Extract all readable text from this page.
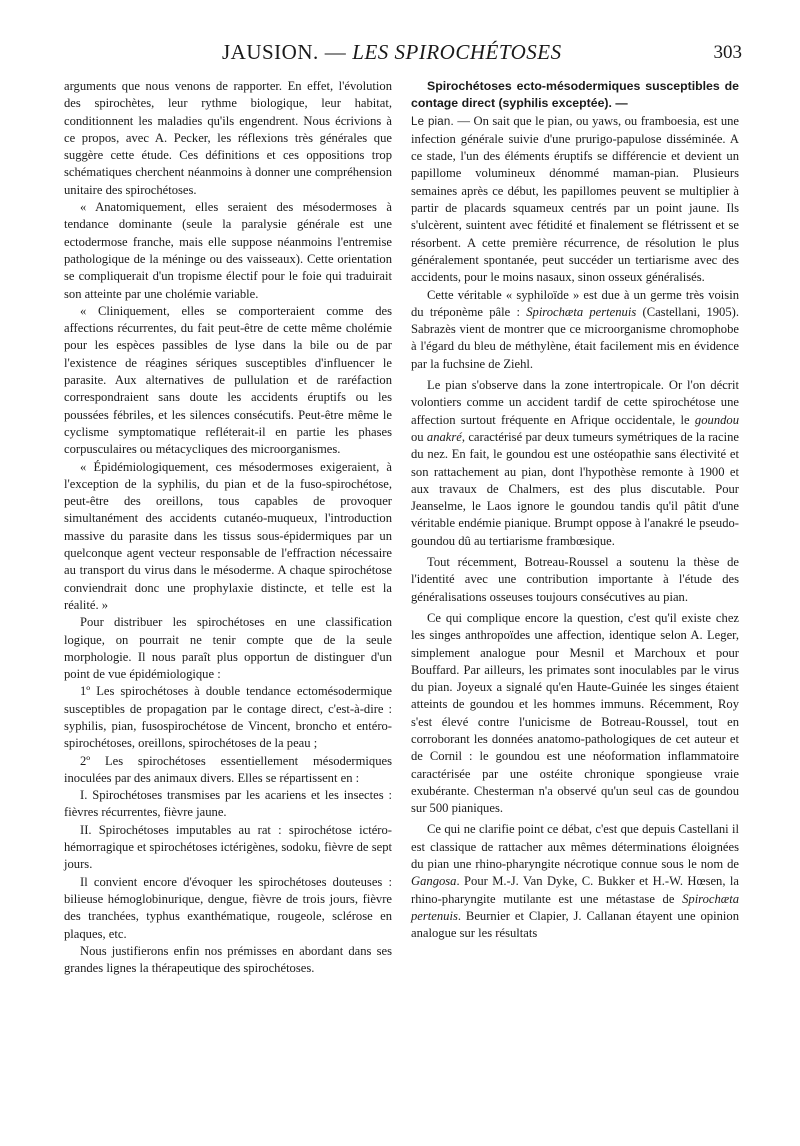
JAUSION. — LES SPIROCHÉTOSES	303

arguments que nous venons de rapporter. En effet, l'évolution des spirochètes, leur rythme biologique, leur habitat, conditionnent les maladies qu'ils engendrent. Nous écrivions à ce propos, avec A. Pecker, les réflexions très générales que suggère cette étude. Ces définitions et ces oppositions trop schématiques cherchent néanmoins à donner une compréhension unitaire des spirochétoses.

« Anatomiquement, elles seraient des mésodermoses à tendance dominante (seule la paralysie générale est une ectodermose franche, mais elle suppose néanmoins l'entremise pathologique de la méninge ou des vaisseaux). Cette orientation se compliquerait d'un tropisme électif pour le foie qui traduirait son atteinte par une cholémie variable.

« Cliniquement, elles se comporteraient comme des affections récurrentes, du fait peut-être de cette même cholémie pour les espèces passibles de lyse dans la bile ou de par l'existence de réagines sériques susceptibles d'influencer le parasite. Aux alternatives de pullulation et de raréfaction correspondraient sans doute les accidents éruptifs ou les poussées fébriles, et les silences consécutifs. Peut-être même le cyclisme symptomatique refléterait-il en partie les phases corpusculaires ou métacycliques des microorganismes.

« Épidémiologiquement, ces mésodermoses exigeraient, à l'exception de la syphilis, du pian et de la fuso-spirochétose, peut-être des oreillons, tous capables de provoquer simultanément des accidents cutanéo-muqueux, l'introduction massive du parasite dans les tissus sous-épidermiques par un quelconque agent vecteur responsable de l'effraction nécessaire au transport du virus dans le mésoderme. A chaque spirochétose conviendrait donc une prophylaxie distincte, et telle est la réalité. »

Pour distribuer les spirochétoses en une classification logique, on pourrait ne tenir compte que de la seule morphologie. Il nous paraît plus opportun de distinguer d'un point de vue épidémiologique :

1º Les spirochétoses à double tendance ectomésodermique susceptibles de propagation par le contage direct, c'est-à-dire : syphilis, pian, fusospirochétose de Vincent, broncho et entéro-spirochétoses, oreillons, spirochétoses de la peau ;

2º Les spirochétoses essentiellement mésodermiques inoculées par des animaux divers. Elles se répartissent en :

I. Spirochétoses transmises par les acariens et les insectes : fièvres récurrentes, fièvre jaune.

II. Spirochétoses imputables au rat : spirochétose ictéro-hémorragique et spirochétoses ictérigènes, sodoku, fièvre de sept jours.

Il convient encore d'évoquer les spirochétoses douteuses : bilieuse hémoglobinurique, dengue, fièvre de trois jours, fièvre des tranchées, typhus exanthématique, rougeole, sclérose en plaques, etc.

Nous justifierons enfin nos prémisses en abordant dans ses grandes lignes la thérapeutique des spirochétoses.

Spirochétoses ecto-mésodermiques susceptibles de contage direct (syphilis exceptée). —
Le pian. — On sait que le pian, ou yaws, ou framboesia, est une infection générale suivie d'une prurigo-papulose disséminée. A ce stade, l'un des éléments éruptifs se différencie et devient un papillome volumineux dénommé maman-pian. Plusieurs semaines après ce début, les papillomes peuvent se multiplier à partir de placards squameux centrés par un point jaune. Ils s'ulcèrent, suintent avec fétidité et finalement se flétrissent et se résorbent. A cette première récurrence, de résolution le plus généralement spontanée, peut succéder un tertiarisme avec des accidents, pour le moins nasaux, sinon osseux généralisés.

Cette véritable « syphiloïde » est due à un germe très voisin du tréponème pâle : Spirochæta pertenuis (Castellani, 1905). Sabrazès vient de montrer que ce microorganisme chromophobe à l'égard du bleu de méthylène, était facilement mis en évidence par la fuchsine de Ziehl.

Le pian s'observe dans la zone intertropicale. Or l'on décrit volontiers comme un accident tardif de cette spirochétose une affection surtout fréquente en Afrique occidentale, le goundou ou anakré, caractérisé par deux tumeurs symétriques de la racine du nez. En fait, le goundou est une ostéopathie sans électivité et son rattachement au pian, dont l'hypothèse remonte à 1900 et aux travaux de Chalmers, est des plus discutable. Pour Jeanselme, le Laos ignore le goundou tandis qu'il pâtit d'une véritable endémie pianique. Brumpt oppose à l'anakré le pseudo-goundou dû au tertiarisme frambœsique.

Tout récemment, Botreau-Roussel a soutenu la thèse de l'identité avec une contribution importante à l'étude des généralisations osseuses toujours consécutives au pian.

Ce qui complique encore la question, c'est qu'il existe chez les singes anthropoïdes une affection, identique selon A. Leger, simplement analogue pour Mesnil et Marchoux et pour Bouffard. Par ailleurs, les primates sont inoculables par le virus du pian. Joyeux a signalé qu'en Haute-Guinée les singes étaient atteints de goundou et les hommes immuns. Récemment, Roy s'est élevé contre l'unicisme de Botreau-Roussel, tout en corroborant les données anatomo-pathologiques de cet auteur et de Cornil : le goundou est une néoformation inflammatoire caractérisée par une ostéite chronique spongieuse vraie exubérante. Chesterman n'a observé qu'un seul cas de goundou sur 500 pianiques.

Ce qui ne clarifie point ce débat, c'est que depuis Castellani il est classique de rattacher aux mêmes déterminations éloignées du pian une rhino-pharyngite nécrotique connue sous le nom de Gangosa. Pour M.-J. Van Dyke, C. Bukker et H.-W. Hœsen, la rhino-pharyngite mutilante est une métastase de Spirochæta pertenuis. Beurnier et Clapier, J. Callanan étayent une opinion analogue sur les résultats
